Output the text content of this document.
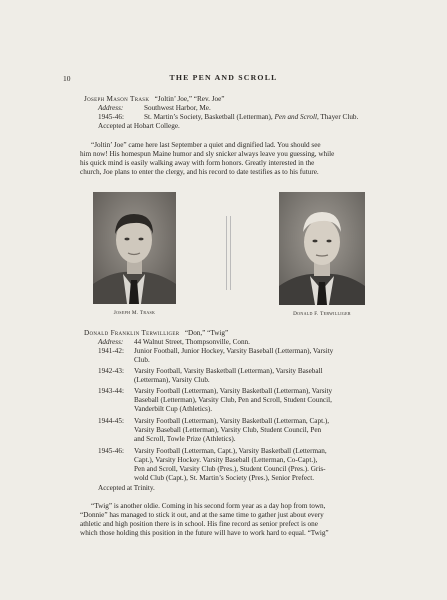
10	THE PEN AND SCROLL
Joseph Mason Trask “Joltin’ Joe,” “Rev. Joe”
Address:	Southwest Harbor, Me.
1945-46:	St. Martin’s Society, Basketball (Letterman), Pen and Scroll, Thayer Club.
Accepted at Hobart College.
“Joltin’ Joe” came here last September a quiet and dignified lad. You should see
him now! His homespun Maine humor and sly snicker always leave you guessing, while
his quick mind is easily walking away with form honors. Greatly interested in the
church, Joe plans to enter the clergy, and his record to date testifies as to his future.
Joseph M. Trask	Donald F. Terwilliger
Donald Franklin Terwilliger “Don,” “Twig”
Address: 44 Walnut Street, Thompsonville, Conn.
1941-42: Junior Football, Junior Hockey, Varsity Baseball (Letterman), Varsity
Club.
1942-43: Varsity Football, Varsity Basketball (Letterman), Varsity Baseball
(Letterman), Varsity Club.
1943-44: Varsity Football (Letterman), Varsity Basketball (Letterman), Varsity
Baseball (Letterman), Varsity Club, Pen and Scroll, Student Council,
Vanderbilt Cup (Athletics).
1944-45: Varsity Football (Letterman), Varsity Basketball (Letterman, Capt.),
Varsity Baseball (Letterman), Varsity Club, Student Council, Pen
and Scroll, Towle Prize (Athletics).
1945-46: Varsity Football (Letterman, Capt.), Varsity Basketball (Letterman,
Capt.), Varsity Hockey. Varsity Baseball (Letterman, Co-Capt.),
Pen and Scroll, Varsity Club (Pres.), Student Council (Pres.). Gris-
wold Club (Capt.), St. Martin’s Society (Pres.), Senior Prefect.
Accepted at Trinity.
“Twig” is another oldie. Coming in his second form year as a day hop from town,
“Donnie” has managed to stick it out, and at the same time to gather just about every
athletic and high position there is in school. His fine record as senior prefect is one
which those holding this position in the future will have to work hard to equal. “Twig”
